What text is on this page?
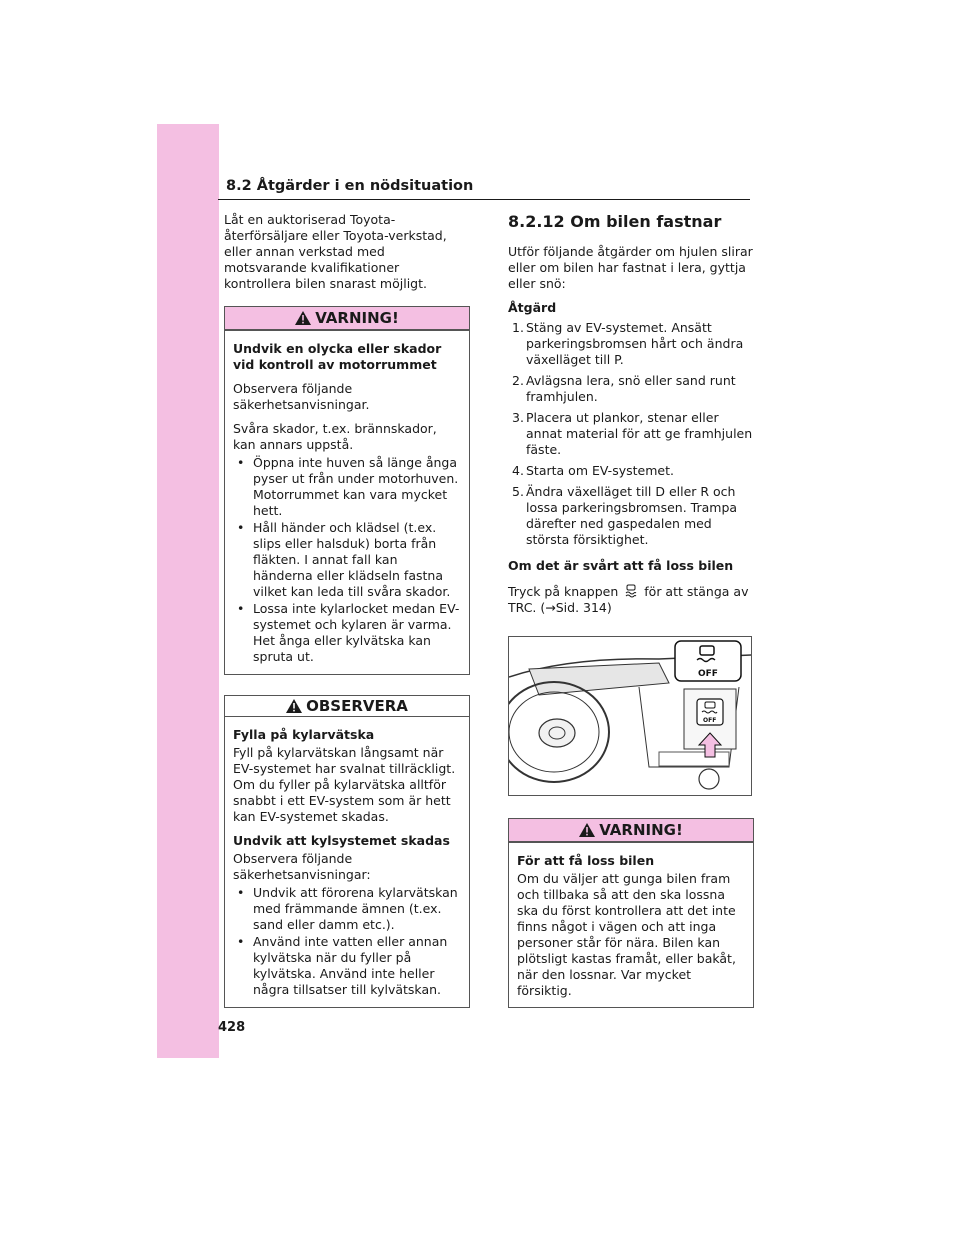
428
8.2 Åtgärder i en nödsituation

Låt en auktoriserad Toyota-återförsäljare eller Toyota-verkstad, eller annan verkstad med motsvarande kvalifikationer kontrollera bilen snarast möjligt.

VARNING!

Undvik en olycka eller skador vid kontroll av motorrummet

Observera följande säkerhetsanvisningar.

Svåra skador, t.ex. brännskador, kan annars uppstå.

• Öppna inte huven så länge ånga pyser ut från under motorhuven. Motorrummet kan vara mycket hett.
• Håll händer och klädsel (t.ex. slips eller halsduk) borta från fläkten. I annat fall kan händerna eller klädseln fastna vilket kan leda till svåra skador.
• Lossa inte kylarlocket medan EV-systemet och kylaren är varma. Het ånga eller kylvätska kan spruta ut.
OBSERVERA

Fylla på kylarvätska

Fyll på kylarvätskan långsamt när EV-systemet har svalnat tillräckligt. Om du fyller på kylarvätska alltför snabbt i ett EV-system som är hett kan EV-systemet skadas.

Undvik att kylsystemet skadas

Observera följande säkerhetsanvisningar:

• Undvik att förorena kylarvätskan med främmande ämnen (t.ex. sand eller damm etc.).
• Använd inte vatten eller annan kylvätska när du fyller på kylvätska. Använd inte heller några tillsatser till kylvätskan.
8.2.12 Om bilen fastnar

Utför följande åtgärder om hjulen slirar eller om bilen har fastnat i lera, gyttja eller snö:

Åtgärd

1. Stäng av EV-systemet. Ansätt parkeringsbromsen hårt och ändra växelläget till P.
2. Avlägsna lera, snö eller sand runt framhjulen.
3. Placera ut plankor, stenar eller annat material för att ge framhjulen fäste.
4. Starta om EV-systemet.
5. Ändra växelläget till D eller R och lossa parkeringsbromsen. Trampa därefter ned gaspedalen med största försiktighet.

Om det är svårt att få loss bilen

Tryck på knappen för att stänga av TRC. (→Sid. 314)

OFF
OFF
VARNING!

För att få loss bilen

Om du väljer att gunga bilen fram och tillbaka så att den ska lossna ska du först kontrollera att det inte finns något i vägen och att inga personer står för nära. Bilen kan plötsligt kastas framåt, eller bakåt, när den lossnar. Var mycket försiktig.
